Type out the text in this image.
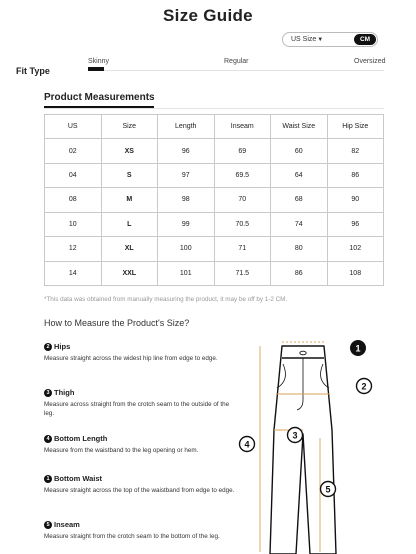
Size Guide
US Size▼	CM
Fit Type
Skinny	Regular	Oversized
Product Measurements
US	Size	Length	Inseam	Waist Size	Hip Size
02	XS	96	69	60	82
04	S	97	69.5	64	86
08	M	98	70	68	90
10	L	99	70.5	74	96
12	XL	100	71	80	102
14	XXL	101	71.5	86	108
*This data was obtained from manually measuring the product, it may be off by 1-2 CM.
How to Measure the Product's Size?
2 Hips
Measure straight across the widest hip line from edge to edge.
3 Thigh
Measure across straight from the crotch seam to the outside of the leg.
4 Bottom Length
Measure from the waistband to the leg opening or hem.
1 Bottom Waist
Measure straight across the top of the waistband from edge to edge.
5 Inseam
Measure straight from the crotch seam to the bottom of the leg.
1
2
3
4
5
